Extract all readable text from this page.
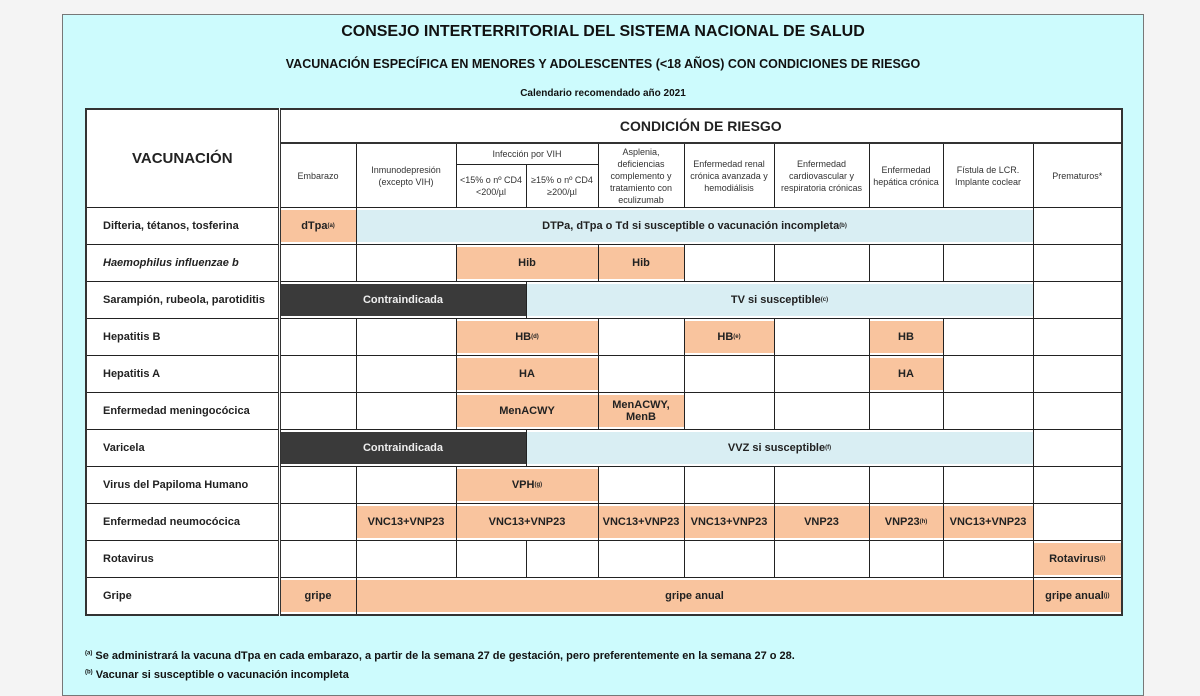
CONSEJO INTERTERRITORIAL DEL SISTEMA NACIONAL DE SALUD
VACUNACIÓN ESPECÍFICA EN MENORES Y ADOLESCENTES (<18 AÑOS) CON CONDICIONES DE RIESGO
Calendario recomendado año 2021
VACUNACIÓN	CONDICIÓN DE RIESGO									
	Embarazo	Inmunodepresión (excepto VIH)	Infección por VIH		Asplenia, deficiencias complemento y tratamiento con eculizumab	Enfermedad renal crónica avanzada y hemodiálisis	Enfermedad cardiovascular y respiratoria crónicas	Enfermedad hepática crónica	Fístula de LCR. Implante coclear	Prematuros*
			<15% o nº CD4 <200/µl	≥15% o nº CD4 ≥200/µl						
Difteria, tétanos, tosferina	dTpa (a)	DTPa, dTpa o Td si susceptible o vacunación incompleta (b)								

Haemophilus influenzae b			Hib		Hib					

Sarampión, rubeola, parotiditis	Contraindicada			TV si susceptible (c)						

Hepatitis B			HB (d)			HB (e)		HB		

Hepatitis A			HA					HA		

Enfermedad meningocócica			MenACWY		MenACWY, MenB					

Varicela	Contraindicada			VVZ si susceptible (f)						

Virus del Papiloma Humano			VPH (g)							

Enfermedad neumocócica		VNC13+VNP23	VNC13+VNP23		VNC13+VNP23	VNC13+VNP23	VNP23	VNP23 (h)	VNC13+VNP23	

Rotavirus										Rotavirus (i)

Gripe	gripe	gripe anual								gripe anual (j)
$^{(a)}$ Se administrará la vacuna dTpa en cada embarazo, a partir de la semana 27 de gestación, pero preferentemente en la semana 27 o 28.
$^{(b)}$ Vacunar si susceptible o vacunación incompleta
